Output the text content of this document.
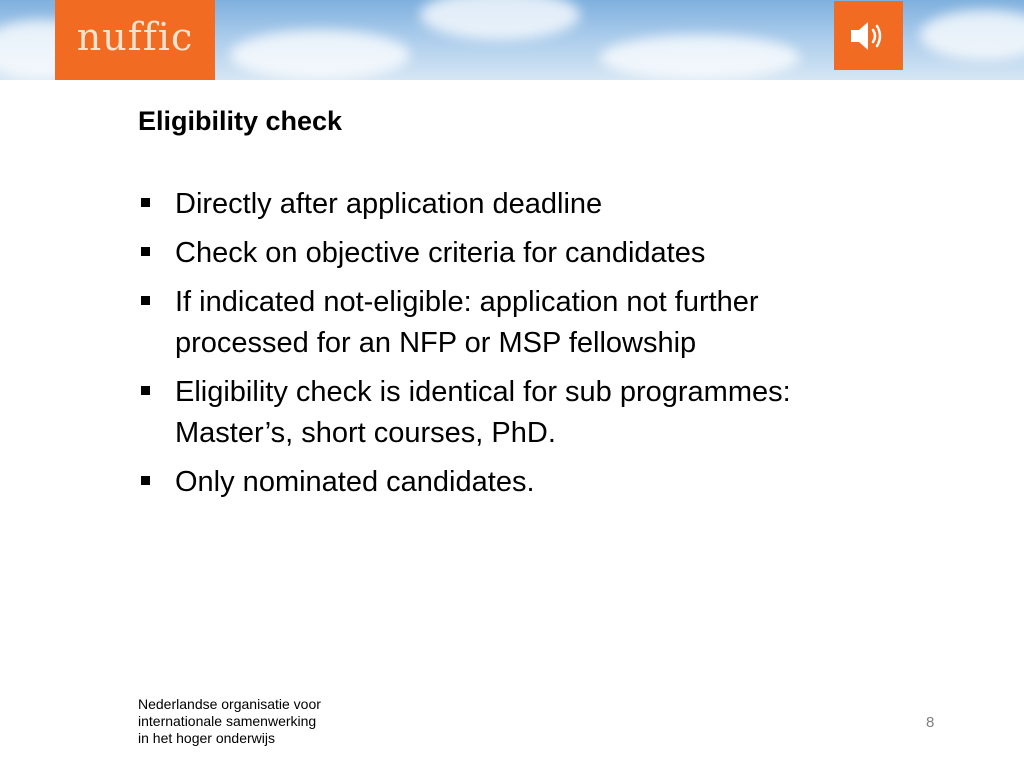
nuffic
Eligibility check
Directly after application deadline
Check on objective criteria for candidates
If indicated not-eligible: application not further
processed for an NFP or MSP fellowship
Eligibility check is identical for sub programmes:
Master’s, short courses, PhD.
Only nominated candidates.
Nederlandse organisatie voor
internationale samenwerking
in het hoger onderwijs
8
